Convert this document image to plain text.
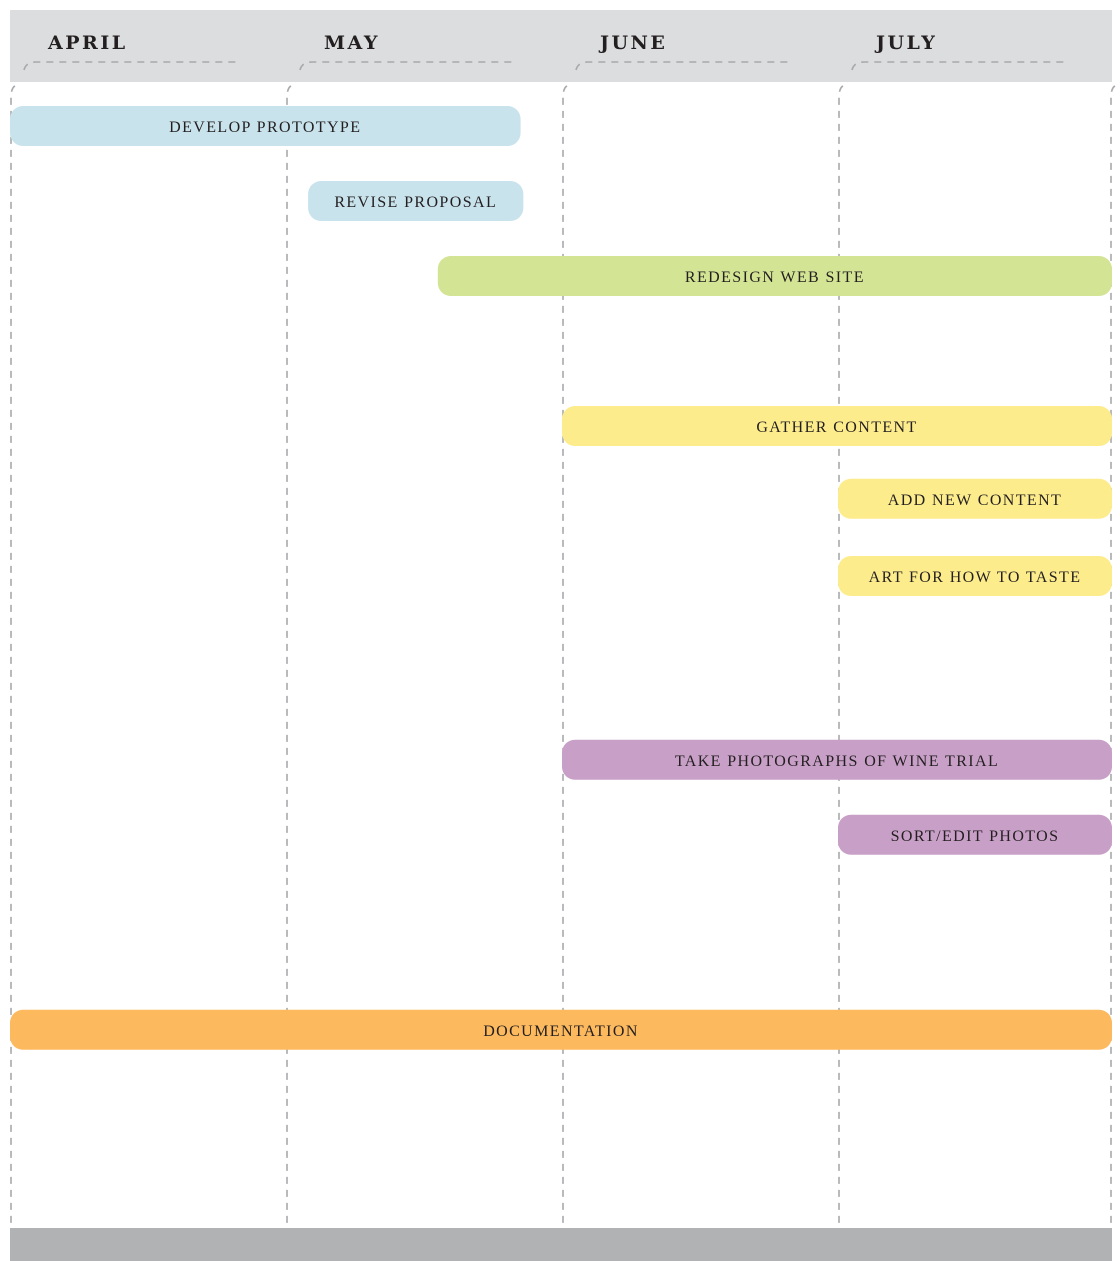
APRIL	MAY	JUNE	JULY
DEVELOP PROTOTYPE
REVISE PROPOSAL
REDESIGN WEB SITE
GATHER CONTENT
ADD NEW CONTENT
ART FOR HOW TO TASTE
TAKE PHOTOGRAPHS OF WINE TRIAL
SORT/EDIT PHOTOS
DOCUMENTATION
